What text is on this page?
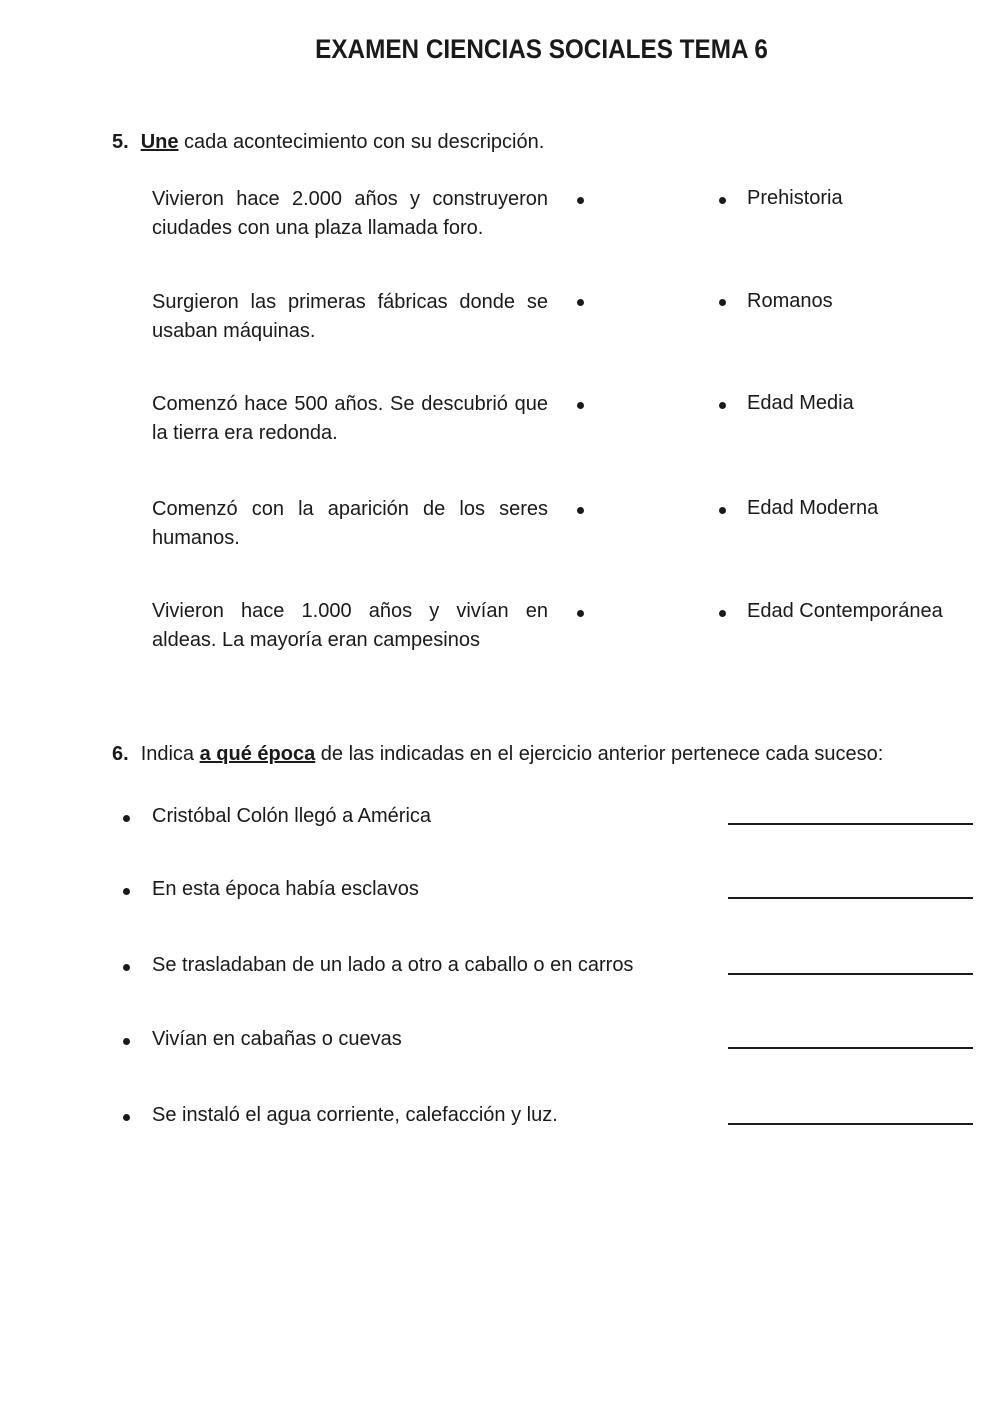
EXAMEN CIENCIAS SOCIALES TEMA 6
5. Une cada acontecimiento con su descripción.
Vivieron hace 2.000 años y construyeron ciudades con una plaza llamada foro.
Prehistoria
Surgieron las primeras fábricas donde se usaban máquinas.
Romanos
Comenzó hace 500 años. Se descubrió que la tierra era redonda.
Edad Media
Comenzó con la aparición de los seres humanos.
Edad Moderna
Vivieron hace 1.000 años y vivían en aldeas. La mayoría eran campesinos
Edad Contemporánea
6. Indica a qué época de las indicadas en el ejercicio anterior pertenece cada suceso:
Cristóbal Colón llegó a América
En esta época había esclavos
Se trasladaban de un lado a otro a caballo o en carros
Vivían en cabañas o cuevas
Se instaló el agua corriente, calefacción y luz.
